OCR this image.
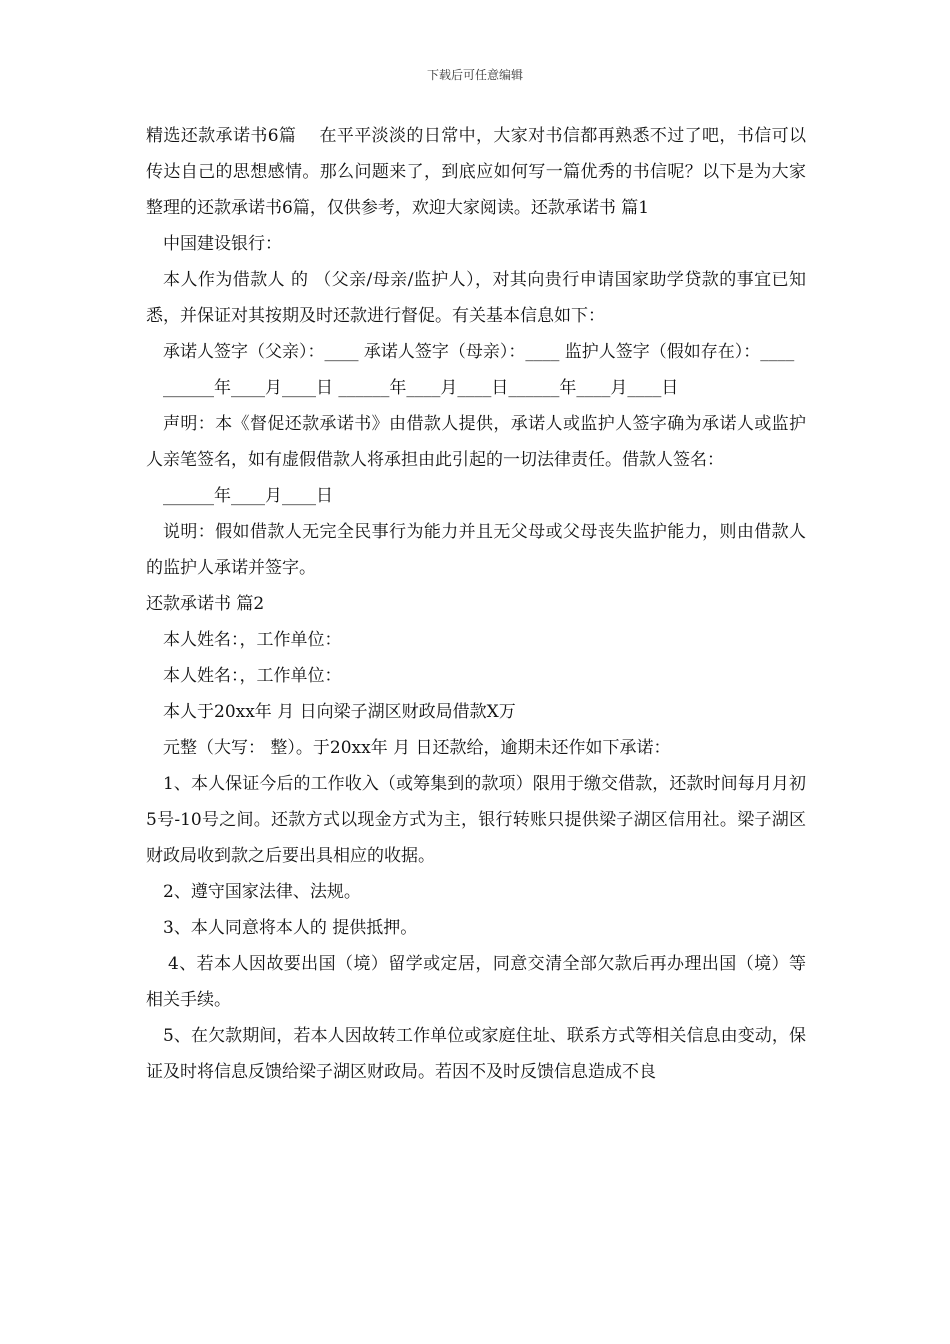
下载后可任意编辑

精选还款承诺书6篇    在平平淡淡的日常中，大家对书信都再熟悉不过了吧，书信可以传达自己的思想感情。那么问题来了，到底应如何写一篇优秀的书信呢？以下是为大家整理的还款承诺书6篇，仅供参考，欢迎大家阅读。还款承诺书 篇1

中国建设银行：

本人作为借款人 的 （父亲/母亲/监护人），对其向贵行申请国家助学贷款的事宜已知悉，并保证对其按期及时还款进行督促。有关基本信息如下：

承诺人签字（父亲）：____ 承诺人签字（母亲）：____ 监护人签字（假如存在）：____

______年____月____日 ______年____月____日______年____月____日

声明：本《督促还款承诺书》由借款人提供，承诺人或监护人签字确为承诺人或监护人亲笔签名，如有虚假借款人将承担由此引起的一切法律责任。借款人签名：

______年____月____日

说明：假如借款人无完全民事行为能力并且无父母或父母丧失监护能力，则由借款人的监护人承诺并签字。

还款承诺书 篇2

本人姓名：，工作单位：

本人姓名：，工作单位：

本人于20xx年 月 日向梁子湖区财政局借款X万

元整（大写： 整）。于20xx年 月 日还款给，逾期未还作如下承诺：

1、本人保证今后的工作收入（或筹集到的款项）限用于缴交借款，还款时间每月月初5号-10号之间。还款方式以现金方式为主，银行转账只提供梁子湖区信用社。梁子湖区财政局收到款之后要出具相应的收据。

2、遵守国家法律、法规。

3、本人同意将本人的 提供抵押。

4、若本人因故要出国（境）留学或定居，同意交清全部欠款后再办理出国（境）等相关手续。

5、在欠款期间，若本人因故转工作单位或家庭住址、联系方式等相关信息由变动，保证及时将信息反馈给梁子湖区财政局。若因不及时反馈信息造成不良
